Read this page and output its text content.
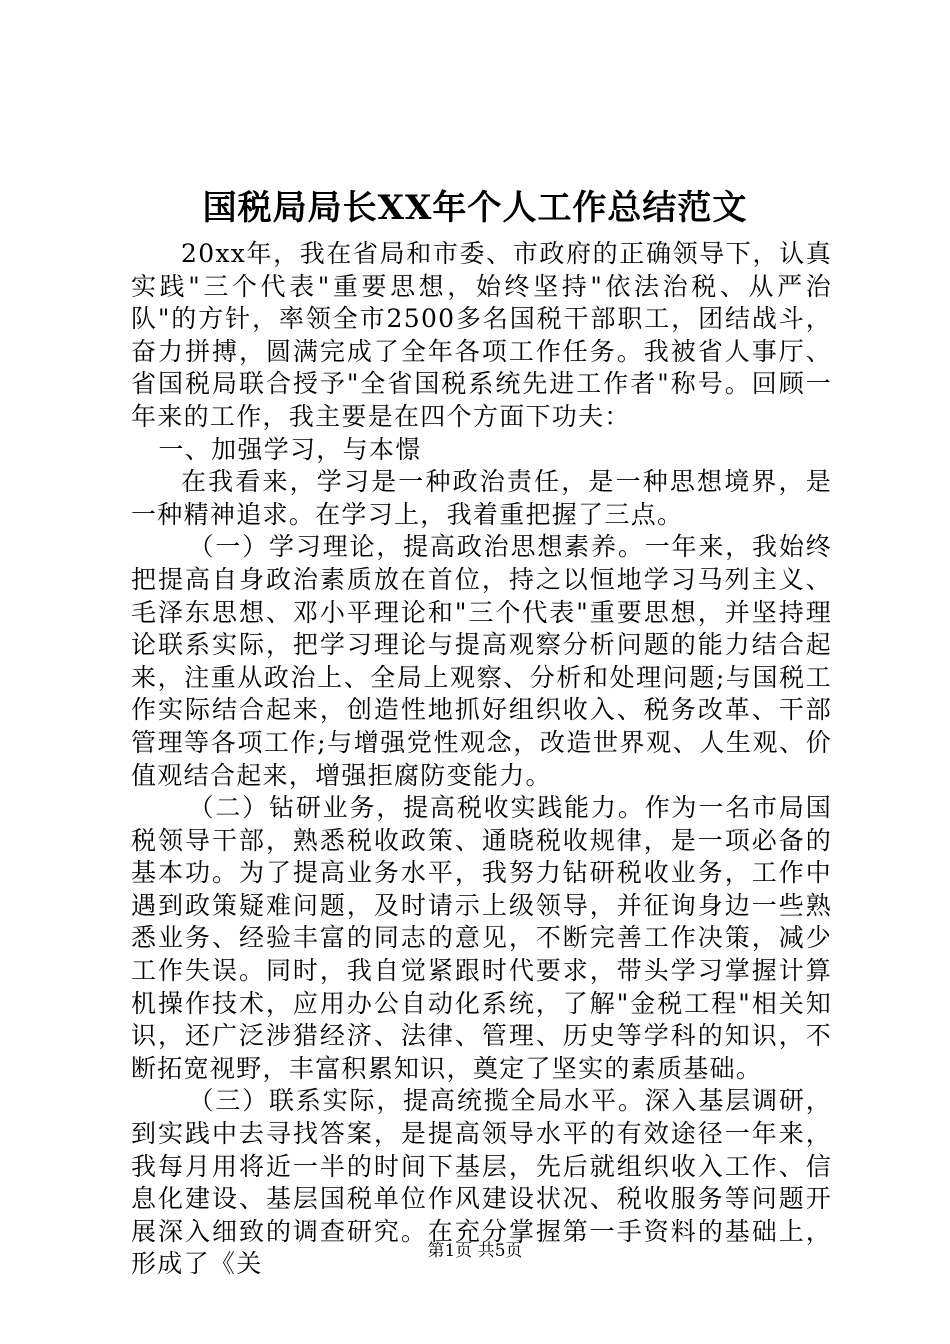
国税局局长XX年个人工作总结范文

20xx年，我在省局和市委、市政府的正确领导下，认真实践"三个代表"重要思想，始终坚持"依法治税、从严治队"的方针，率领全市2500多名国税干部职工，团结战斗，奋力拼搏，圆满完成了全年各项工作任务。我被省人事厅、省国税局联合授予"全省国税系统先进工作者"称号。回顾一年来的工作，我主要是在四个方面下功夫：

一、加强学习，与本憬

在我看来，学习是一种政治责任，是一种思想境界，是一种精神追求。在学习上，我着重把握了三点。

（一）学习理论，提高政治思想素养。一年来，我始终把提高自身政治素质放在首位，持之以恒地学习马列主义、毛泽东思想、邓小平理论和"三个代表"重要思想，并坚持理论联系实际，把学习理论与提高观察分析问题的能力结合起来，注重从政治上、全局上观察、分析和处理问题;与国税工作实际结合起来，创造性地抓好组织收入、税务改革、干部管理等各项工作;与增强党性观念，改造世界观、人生观、价值观结合起来，增强拒腐防变能力。

（二）钻研业务，提高税收实践能力。作为一名市局国税领导干部，熟悉税收政策、通晓税收规律，是一项必备的基本功。为了提高业务水平，我努力钻研税收业务，工作中遇到政策疑难问题，及时请示上级领导，并征询身边一些熟悉业务、经验丰富的同志的意见，不断完善工作决策，减少工作失误。同时，我自觉紧跟时代要求，带头学习掌握计算机操作技术，应用办公自动化系统，了解"金税工程"相关知识，还广泛涉猎经济、法律、管理、历史等学科的知识，不断拓宽视野，丰富积累知识，奠定了坚实的素质基础。

（三）联系实际，提高统揽全局水平。深入基层调研，到实践中去寻找答案，是提高领导水平的有效途径一年来，我每月用将近一半的时间下基层，先后就组织收入工作、信息化建设、基层国税单位作风建设状况、税收服务等问题开展深入细致的调查研究。在充分掌握第一手资料的基础上，形成了《关	第1页 共5页
